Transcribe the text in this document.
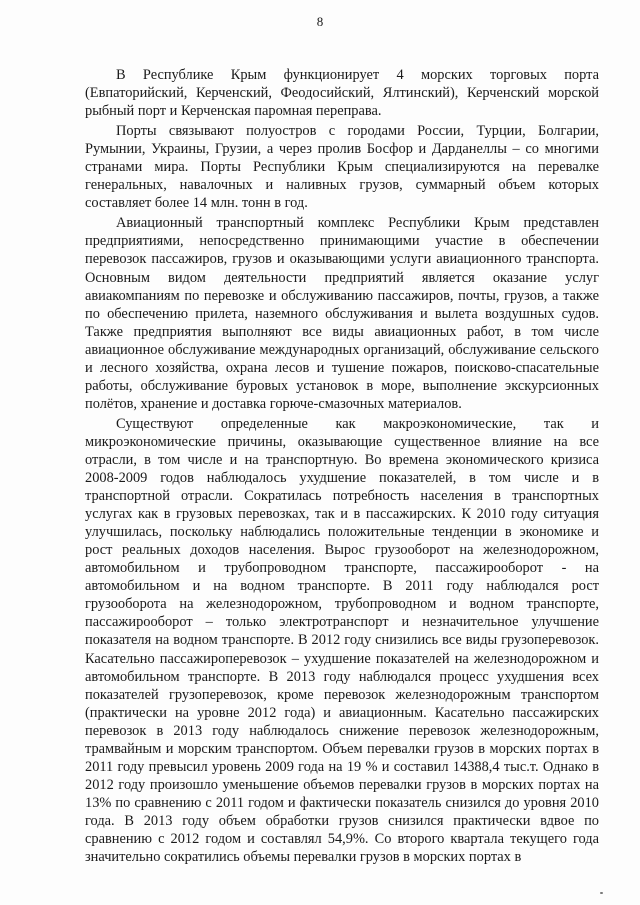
8

В Республике Крым функционирует 4 морских торговых порта (Евпаторийский, Керченский, Феодосийский, Ялтинский), Керченский морской рыбный порт и Керченская паромная переправа.

Порты связывают полуостров с городами России, Турции, Болгарии, Румынии, Украины, Грузии, а через пролив Босфор и Дарданеллы – со многими странами мира. Порты Республики Крым специализируются на перевалке генеральных, навалочных и наливных грузов, суммарный объем которых составляет более 14 млн. тонн в год.

Авиационный транспортный комплекс Республики Крым представлен предприятиями, непосредственно принимающими участие в обеспечении перевозок пассажиров, грузов и оказывающими услуги авиационного транспорта. Основным видом деятельности предприятий является оказание услуг авиакомпаниям по перевозке и обслуживанию пассажиров, почты, грузов, а также по обеспечению прилета, наземного обслуживания и вылета воздушных судов. Также предприятия выполняют все виды авиационных работ, в том числе авиационное обслуживание международных организаций, обслуживание сельского и лесного хозяйства, охрана лесов и тушение пожаров, поисково-спасательные работы, обслуживание буровых установок в море, выполнение экскурсионных полётов, хранение и доставка горюче-смазочных материалов.

Существуют определенные как макроэкономические, так и микроэкономические причины, оказывающие существенное влияние на все отрасли, в том числе и на транспортную. Во времена экономического кризиса 2008-2009 годов наблюдалось ухудшение показателей, в том числе и в транспортной отрасли. Сократилась потребность населения в транспортных услугах как в грузовых перевозках, так и в пассажирских. К 2010 году ситуация улучшилась, поскольку наблюдались положительные тенденции в экономике и рост реальных доходов населения. Вырос грузооборот на железнодорожном, автомобильном и трубопроводном транспорте, пассажирооборот - на автомобильном и на водном транспорте. В 2011 году наблюдался рост грузооборота на железнодорожном, трубопроводном и водном транспорте, пассажирооборот – только электротранспорт и незначительное улучшение показателя на водном транспорте. В 2012 году снизились все виды грузоперевозок. Касательно пассажироперевозок – ухудшение показателей на железнодорожном и автомобильном транспорте. В 2013 году наблюдался процесс ухудшения всех показателей грузоперевозок, кроме перевозок железнодорожным транспортом (практически на уровне 2012 года) и авиационным. Касательно пассажирских перевозок в 2013 году наблюдалось снижение перевозок железнодорожным, трамвайным и морским транспортом. Объем перевалки грузов в морских портах в 2011 году превысил уровень 2009 года на 19 % и составил 14388,4 тыс.т. Однако в 2012 году произошло уменьшение объемов перевалки грузов в морских портах на 13% по сравнению с 2011 годом и фактически показатель снизился до уровня 2010 года. В 2013 году объем обработки грузов снизился практически вдвое по сравнению с 2012 годом и составлял 54,9%. Со второго квартала текущего года значительно сократились объемы перевалки грузов в морских портах в
